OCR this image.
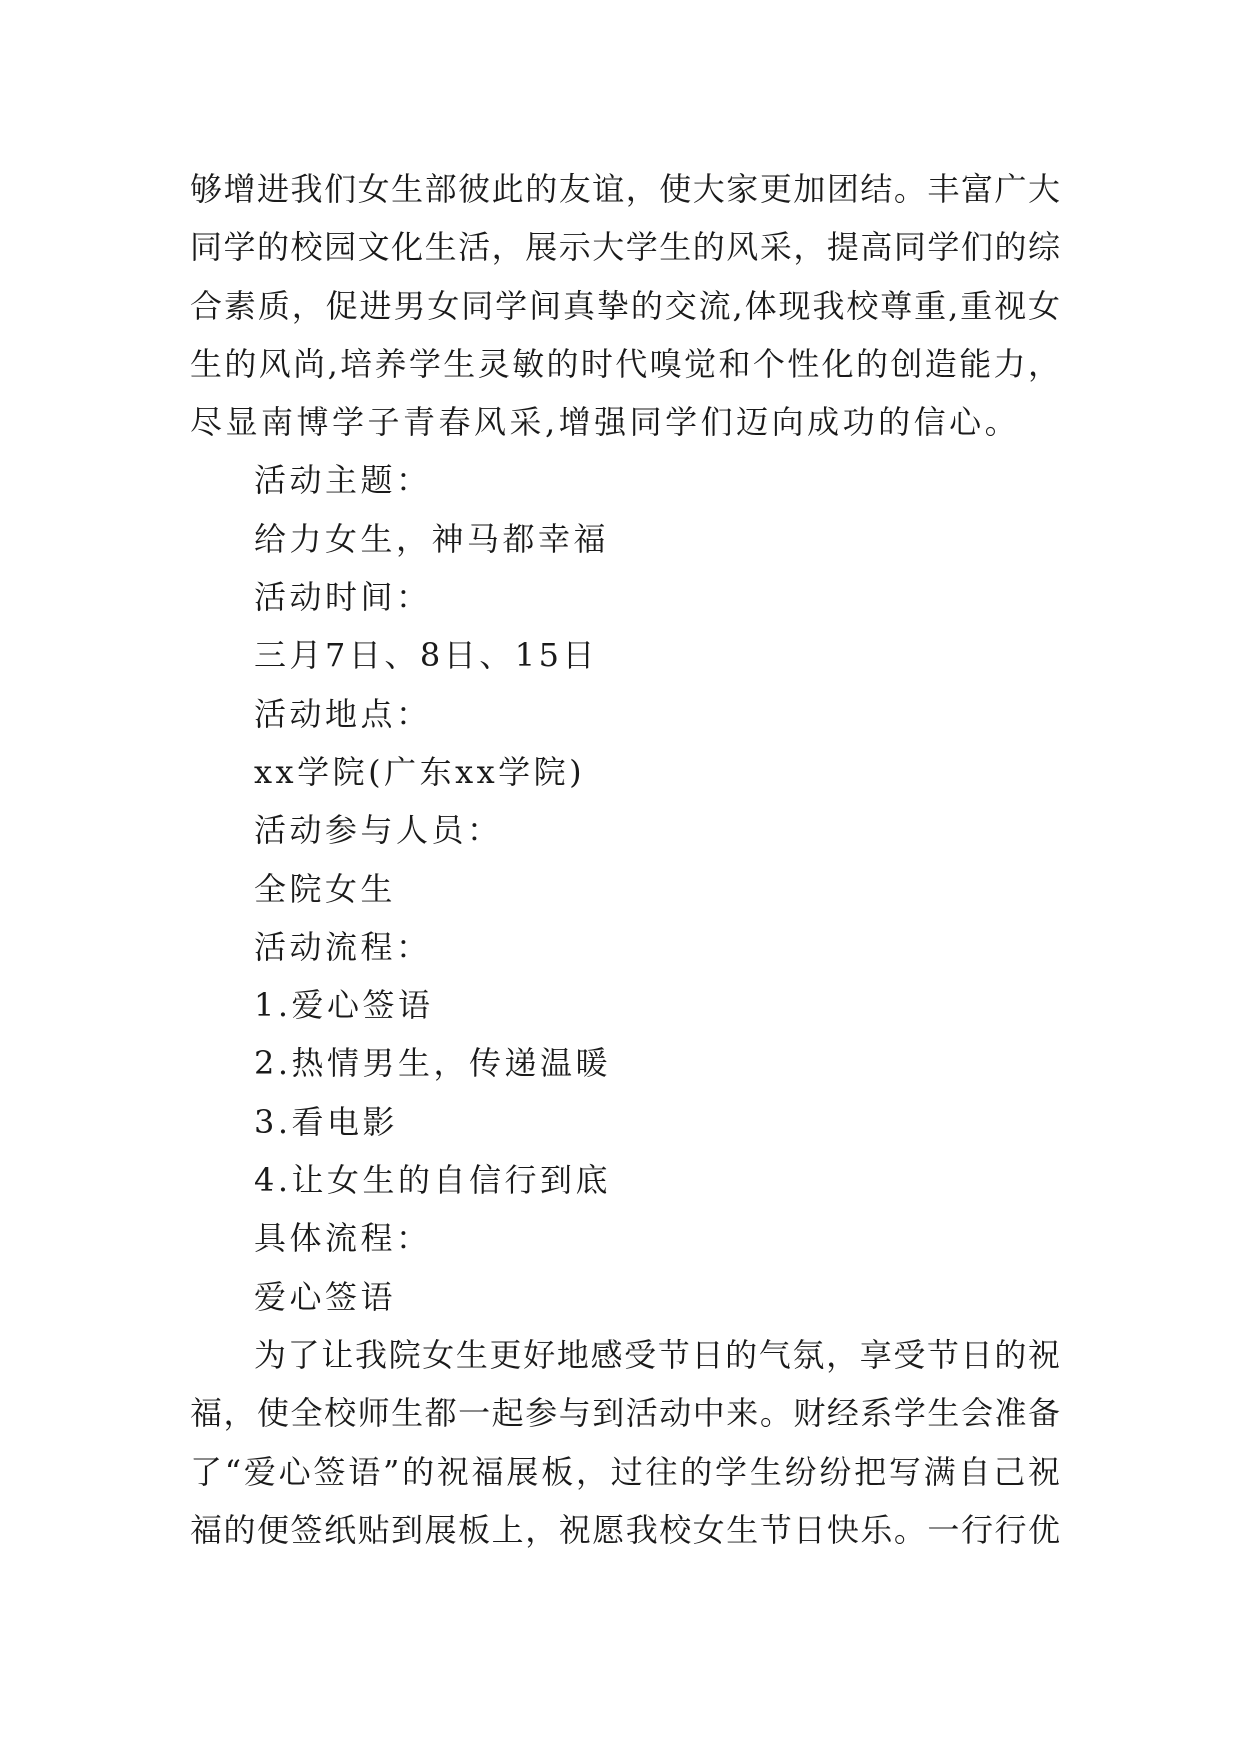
够增进我们女生部彼此的友谊，使大家更加团结。丰富广大
同学的校园文化生活，展示大学生的风采，提高同学们的综
合素质，促进男女同学间真挚的交流,体现我校尊重,重视女
生的风尚,培养学生灵敏的时代嗅觉和个性化的创造能力，
尽显南博学子青春风采,增强同学们迈向成功的信心。
活动主题：
给力女生，神马都幸福
活动时间：
三月7日、8日、15日
活动地点：
xx学院(广东xx学院)
活动参与人员：
全院女生
活动流程：
1.爱心签语
2.热情男生，传递温暖
3.看电影
4.让女生的自信行到底
具体流程：
爱心签语
为了让我院女生更好地感受节日的气氛，享受节日的祝
福，使全校师生都一起参与到活动中来。财经系学生会准备
了“爱心签语”的祝福展板，过往的学生纷纷把写满自己祝
福的便签纸贴到展板上，祝愿我校女生节日快乐。一行行优
